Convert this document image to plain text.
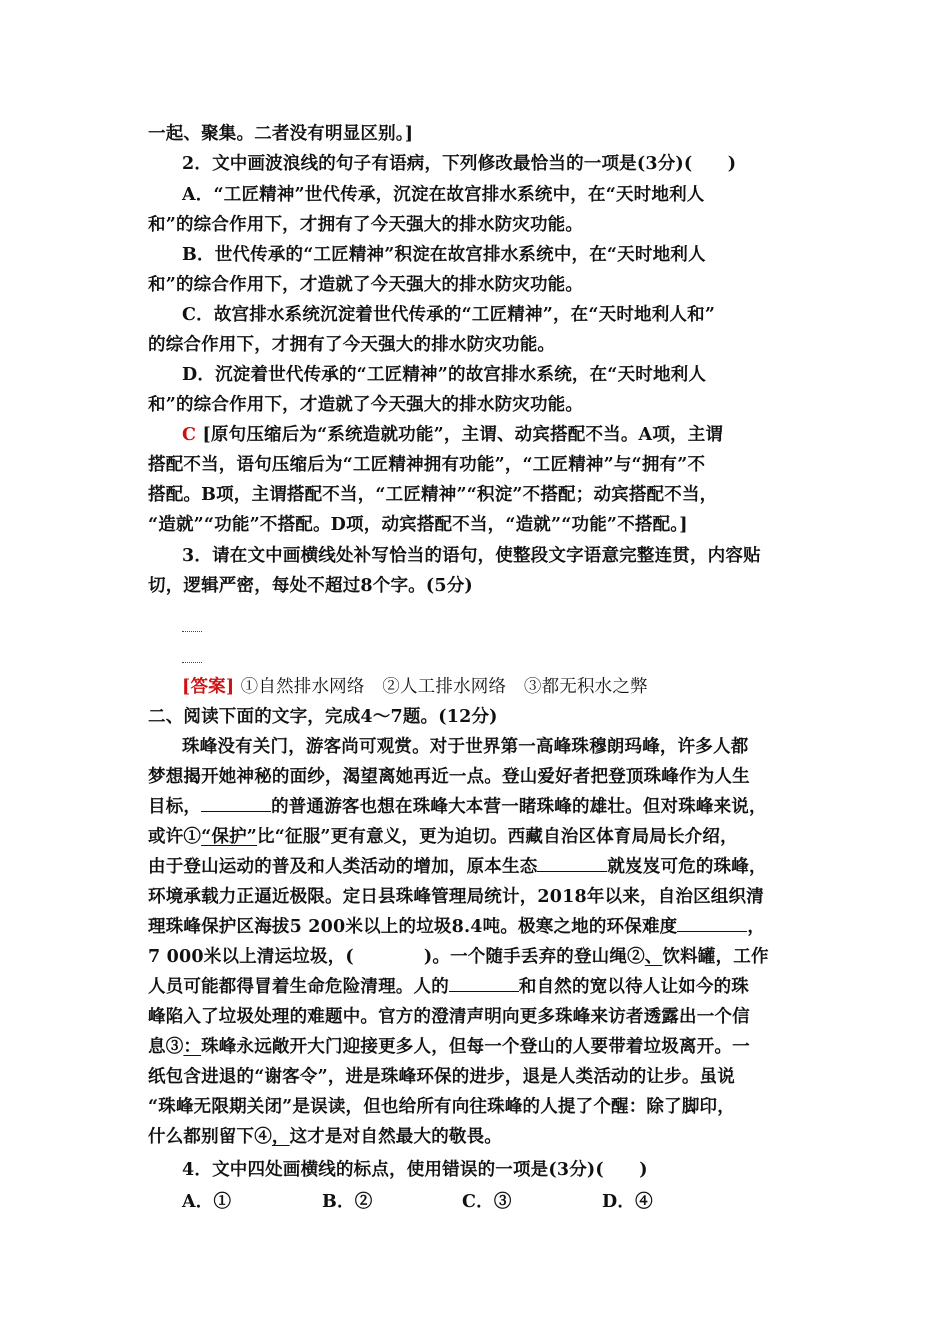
一起、聚集。二者没有明显区别。]
2．文中画波浪线的句子有语病，下列修改最恰当的一项是(3分)(　　)
A．“工匠精神”世代传承，沉淀在故宫排水系统中，在“天时地利人
和”的综合作用下，才拥有了今天强大的排水防灾功能。
B．世代传承的“工匠精神”积淀在故宫排水系统中，在“天时地利人
和”的综合作用下，才造就了今天强大的排水防灾功能。
C．故宫排水系统沉淀着世代传承的“工匠精神”，在“天时地利人和”
的综合作用下，才拥有了今天强大的排水防灾功能。
D．沉淀着世代传承的“工匠精神”的故宫排水系统，在“天时地利人
和”的综合作用下，才造就了今天强大的排水防灾功能。
C [原句压缩后为“系统造就功能”，主谓、动宾搭配不当。A项，主谓
搭配不当，语句压缩后为“工匠精神拥有功能”，“工匠精神”与“拥有”不
搭配。B项，主谓搭配不当，“工匠精神”“积淀”不搭配；动宾搭配不当，
“造就”“功能”不搭配。D项，动宾搭配不当，“造就”“功能”不搭配。]
3．请在文中画横线处补写恰当的语句，使整段文字语意完整连贯，内容贴
切，逻辑严密，每处不超过8个字。(5分)
[答案] ①自然排水网络　②人工排水网络　③都无积水之弊
二、阅读下面的文字，完成4～7题。(12分)
珠峰没有关门，游客尚可观赏。对于世界第一高峰珠穆朗玛峰，许多人都
梦想揭开她神秘的面纱，渴望离她再近一点。登山爱好者把登顶珠峰作为人生
目标，	的普通游客也想在珠峰大本营一睹珠峰的雄壮。但对珠峰来说，
或许①“保护”比“征服”更有意义，更为迫切。西藏自治区体育局局长介绍，
由于登山运动的普及和人类活动的增加，原本生态	就岌岌可危的珠峰，
环境承载力正逼近极限。定日县珠峰管理局统计，2018年以来，自治区组织清
理珠峰保护区海拔5 200米以上的垃圾8.4吨。极寒之地的环保难度	，
7 000米以上清运垃圾，(	)。一个随手丢弃的登山绳②、饮料罐，工作
人员可能都得冒着生命危险清理。人的	和自然的宽以待人让如今的珠
峰陷入了垃圾处理的难题中。官方的澄清声明向更多珠峰来访者透露出一个信
息③：珠峰永远敞开大门迎接更多人，但每一个登山的人要带着垃圾离开。一
纸包含进退的“谢客令”，进是珠峰环保的进步，退是人类活动的让步。虽说
“珠峰无限期关闭”是误读，但也给所有向往珠峰的人提了个醒：除了脚印，
什么都别留下④，这才是对自然最大的敬畏。
4．文中四处画横线的标点，使用错误的一项是(3分)(　　)
A．①	B．②	C．③	D．④
